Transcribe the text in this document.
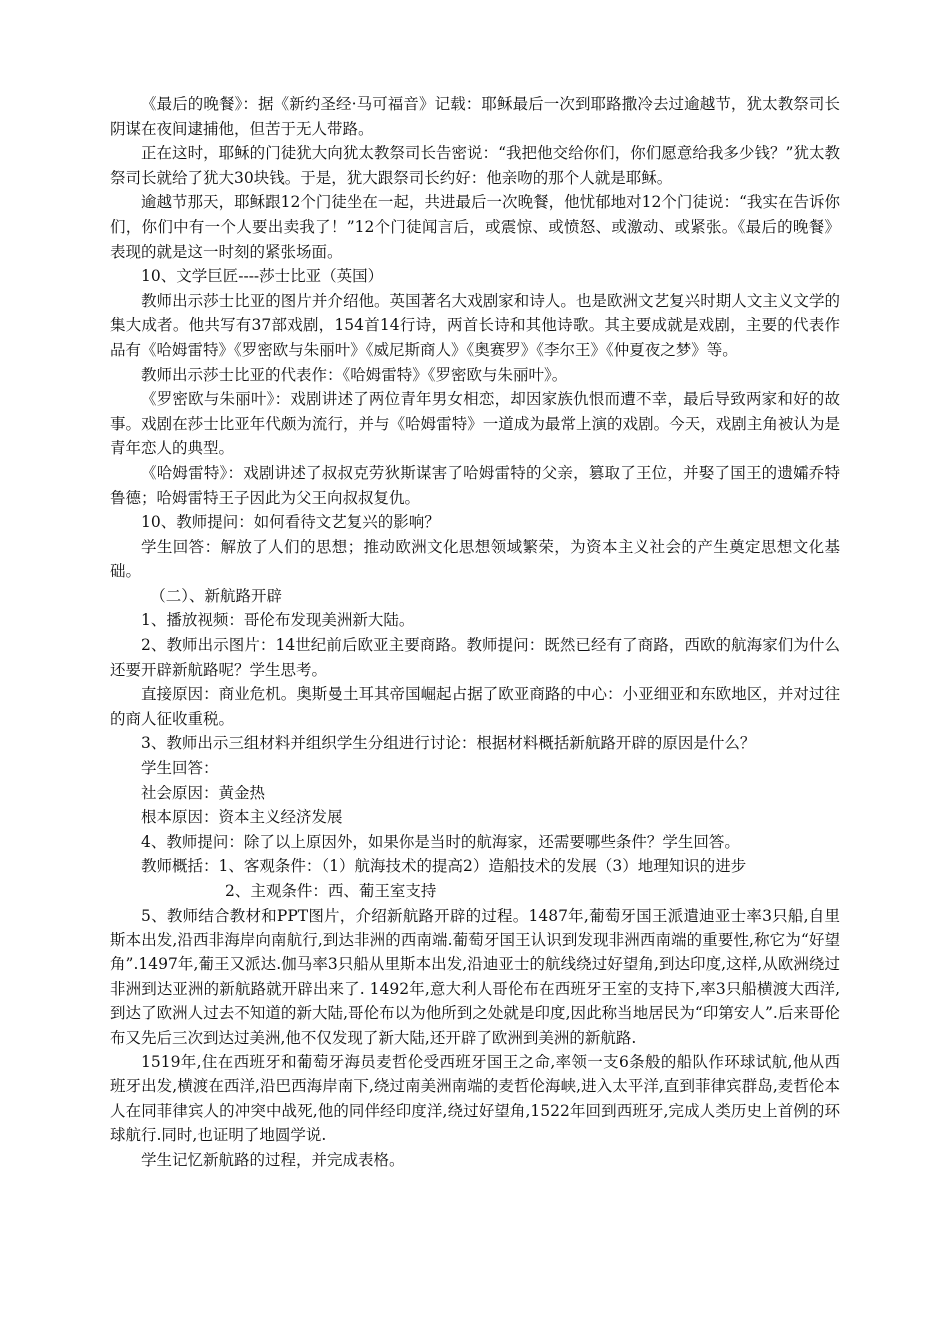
《最后的晚餐》：据《新约圣经·马可福音》记载：耶稣最后一次到耶路撒冷去过逾越节，犹太教祭司长阴谋在夜间逮捕他，但苦于无人带路。

正在这时，耶稣的门徒犹大向犹太教祭司长告密说：“我把他交给你们，你们愿意给我多少钱？”犹太教祭司长就给了犹大30块钱。于是，犹大跟祭司长约好：他亲吻的那个人就是耶稣。

逾越节那天，耶稣跟12个门徒坐在一起，共进最后一次晚餐，他忧郁地对12个门徒说：“我实在告诉你们，你们中有一个人要出卖我了！”12个门徒闻言后，或震惊、或愤怒、或激动、或紧张。《最后的晚餐》表现的就是这一时刻的紧张场面。

10、文学巨匠----莎士比亚（英国）

教师出示莎士比亚的图片并介绍他。英国著名大戏剧家和诗人。也是欧洲文艺复兴时期人文主义文学的集大成者。他共写有37部戏剧，154首14行诗，两首长诗和其他诗歌。其主要成就是戏剧，主要的代表作品有《哈姆雷特》《罗密欧与朱丽叶》《威尼斯商人》《奥赛罗》《李尔王》《仲夏夜之梦》等。

教师出示莎士比亚的代表作：《哈姆雷特》《罗密欧与朱丽叶》。

《罗密欧与朱丽叶》：戏剧讲述了两位青年男女相恋，却因家族仇恨而遭不幸，最后导致两家和好的故事。戏剧在莎士比亚年代颇为流行，并与《哈姆雷特》一道成为最常上演的戏剧。今天，戏剧主角被认为是青年恋人的典型。

《哈姆雷特》：戏剧讲述了叔叔克劳狄斯谋害了哈姆雷特的父亲，篡取了王位，并娶了国王的遗孀乔特鲁德；哈姆雷特王子因此为父王向叔叔复仇。

10、教师提问：如何看待文艺复兴的影响？

学生回答：解放了人们的思想；推动欧洲文化思想领域繁荣，为资本主义社会的产生奠定思想文化基础。

（二）、新航路开辟

1、播放视频：哥伦布发现美洲新大陆。

2、教师出示图片：14世纪前后欧亚主要商路。教师提问：既然已经有了商路，西欧的航海家们为什么还要开辟新航路呢？学生思考。

直接原因：商业危机。奥斯曼土耳其帝国崛起占据了欧亚商路的中心：小亚细亚和东欧地区，并对过往的商人征收重税。

3、教师出示三组材料并组织学生分组进行讨论：根据材料概括新航路开辟的原因是什么？

学生回答：

社会原因：黄金热

根本原因：资本主义经济发展

4、教师提问：除了以上原因外，如果你是当时的航海家，还需要哪些条件？学生回答。

教师概括：1、客观条件：（1）航海技术的提高2）造船技术的发展（3）地理知识的进步

2、主观条件：西、葡王室支持

5、教师结合教材和PPT图片，介绍新航路开辟的过程。1487年,葡萄牙国王派遣迪亚士率3只船,自里斯本出发,沿西非海岸向南航行,到达非洲的西南端.葡萄牙国王认识到发现非洲西南端的重要性,称它为“好望角”.1497年,葡王又派达.伽马率3只船从里斯本出发,沿迪亚士的航线绕过好望角,到达印度,这样,从欧洲绕过非洲到达亚洲的新航路就开辟出来了. 1492年,意大利人哥伦布在西班牙王室的支持下,率3只船横渡大西洋,到达了欧洲人过去不知道的新大陆,哥伦布以为他所到之处就是印度,因此称当地居民为“印第安人”.后来哥伦布又先后三次到达过美洲,他不仅发现了新大陆,还开辟了欧洲到美洲的新航路.

1519年,住在西班牙和葡萄牙海员麦哲伦受西班牙国王之命,率领一支6条般的船队作环球试航,他从西班牙出发,横渡在西洋,沿巴西海岸南下,绕过南美洲南端的麦哲伦海峡,进入太平洋,直到菲律宾群岛,麦哲伦本人在同菲律宾人的冲突中战死,他的同伴经印度洋,绕过好望角,1522年回到西班牙,完成人类历史上首例的环球航行.同时,也证明了地圆学说.

学生记忆新航路的过程，并完成表格。
